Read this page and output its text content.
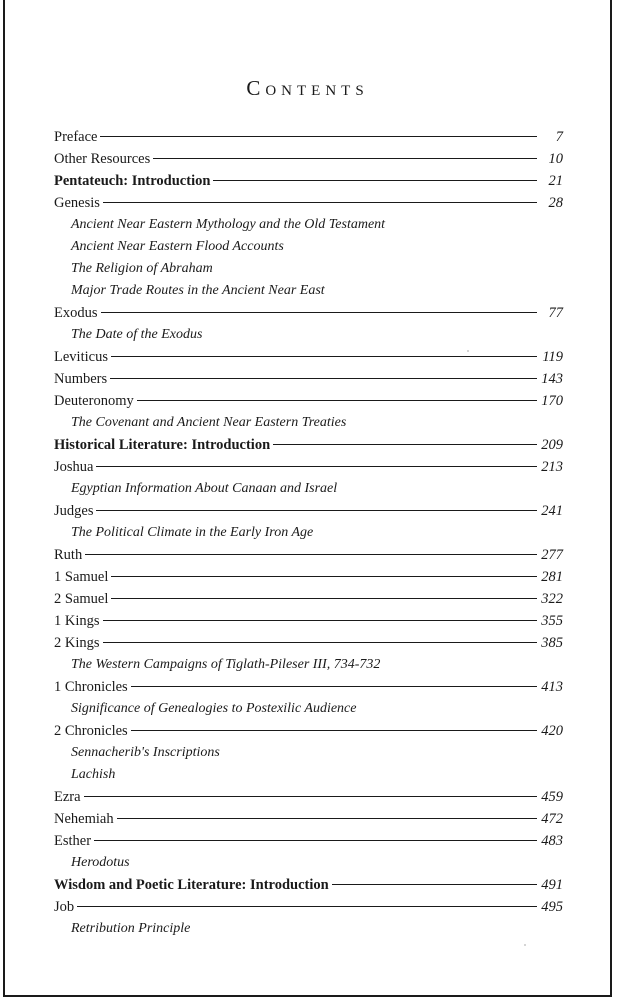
Contents
Preface	7
Other Resources	10
Pentateuch: Introduction	21
Genesis	28
Ancient Near Eastern Mythology and the Old Testament
Ancient Near Eastern Flood Accounts
The Religion of Abraham
Major Trade Routes in the Ancient Near East
Exodus	77
The Date of the Exodus
Leviticus	119
Numbers	143
Deuteronomy	170
The Covenant and Ancient Near Eastern Treaties
Historical Literature: Introduction	209
Joshua	213
Egyptian Information About Canaan and Israel
Judges	241
The Political Climate in the Early Iron Age
Ruth	277
1 Samuel	281
2 Samuel	322
1 Kings	355
2 Kings	385
The Western Campaigns of Tiglath-Pileser III, 734-732
1 Chronicles	413
Significance of Genealogies to Postexilic Audience
2 Chronicles	420
Sennacherib's Inscriptions
Lachish
Ezra	459
Nehemiah	472
Esther	483
Herodotus
Wisdom and Poetic Literature: Introduction	491
Job	495
Retribution Principle
